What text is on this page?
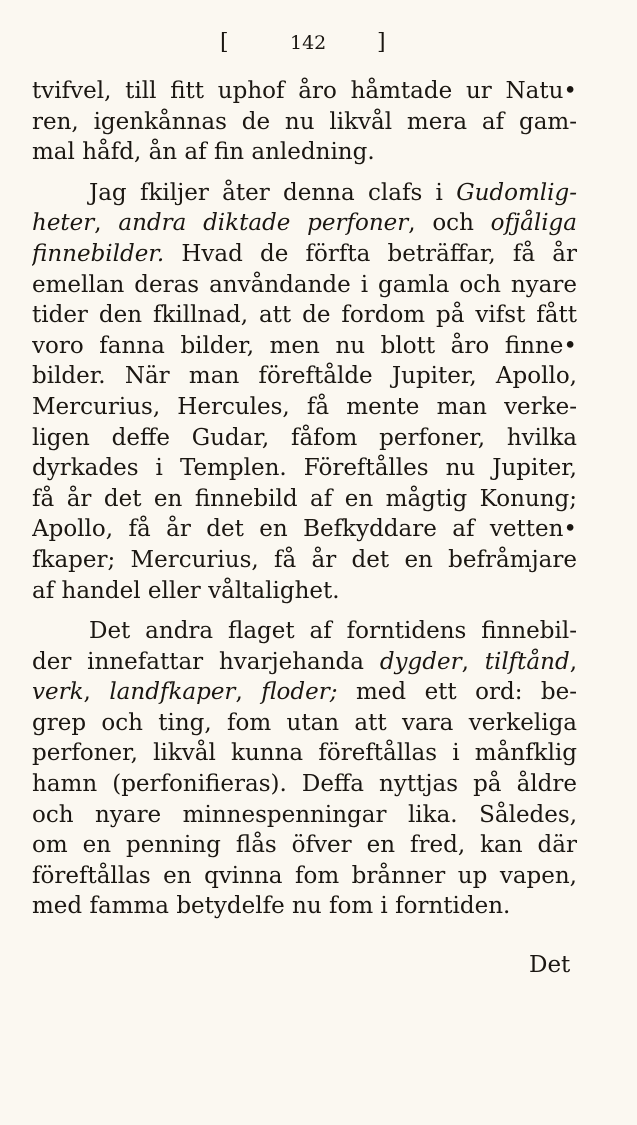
[	142 ]
tvifvel, till fitt uphof åro håmtade ur Natu•
ren, igenkånnas de nu likvål mera af gam-
mal håfd, ån af fin anledning.
Jag fkiljer åter denna clafs i Gudomlig-
heter, andra diktade perfoner, och ofjåliga
finnebilder. Hvad de förfta beträffar, få år
emellan deras anvåndande i gamla och nyare
tider den fkillnad, att de fordom på vifst fått
voro fanna bilder, men nu blott åro finne•
bilder. När man föreftålde Jupiter, Apollo,
Mercurius, Hercules, få mente man verke-
ligen deffe Gudar, fåfom perfoner, hvilka
dyrkades i Templen. Föreftålles nu Jupiter,
få år det en finnebild af en mågtig Konung;
Apollo, få år det en Befkyddare af vetten•
fkaper; Mercurius, få år det en befråmjare
af handel eller våltalighet.
Det andra flaget af forntidens finnebil-
der innefattar hvarjehanda dygder, tilftånd,
verk, landfkaper, floder; med ett ord: be-
grep och ting, fom utan att vara verkeliga
perfoner, likvål kunna föreftållas i månfklig
hamn (perfonifieras). Deffa nyttjas på åldre
och nyare minnespenningar lika. Således,
om en penning flås öfver en fred, kan där
föreftållas en qvinna fom brånner up vapen,
med famma betydelfe nu fom i forntiden.
Det
